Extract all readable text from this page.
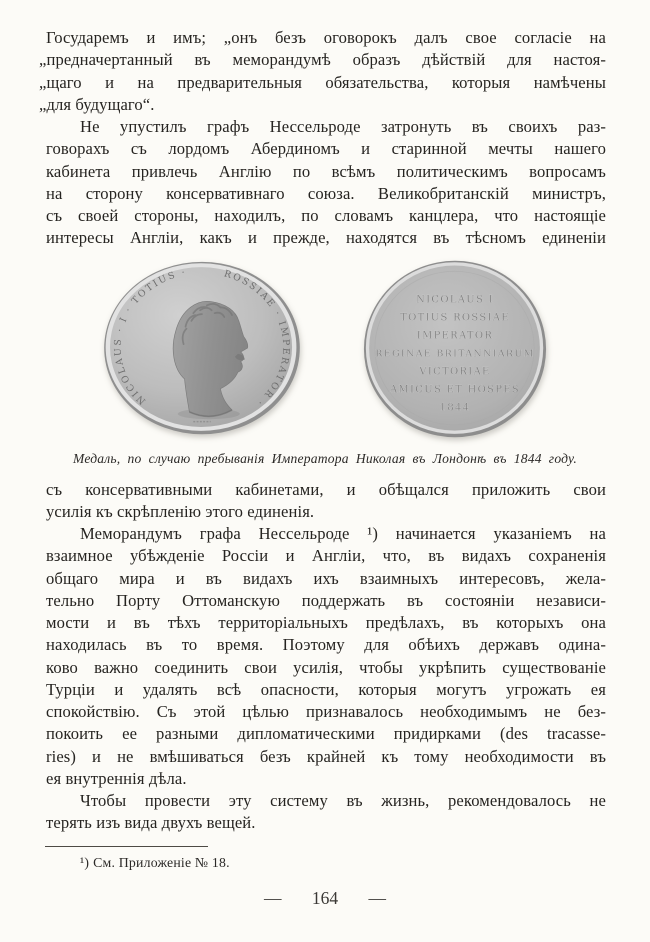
Государемъ и имъ; „онъ безъ оговорокъ далъ свое согласіе на
„предначертанный въ меморандумѣ образъ дѣйствій для настоя-
„щаго и на предварительныя обязательства, которыя намѣчены
„для будущаго“.
Не упустилъ графъ Нессельроде затронуть въ своихъ раз-
говорахъ съ лордомъ Абердиномъ и старинной мечты нашего
кабинета привлечь Англію по всѣмъ политическимъ вопросамъ
на сторону консервативнаго союза. Великобританскій министръ,
съ своей стороны, находилъ, по словамъ канцлера, что настоящіе
интересы Англіи, какъ и прежде, находятся въ тѣсномъ единеніи
NICOLAUS · I · TOTIUS ·	ROSSIAE · IMPERATOR ·
NICOLAUS I
TOTIUS ROSSIAE
IMPERATOR
REGINAE BRITANNIARUM
VICTORIAE
AMICUS ET HOSPES
1844
Медаль, по случаю пребыванія Императора Николая въ Лондонѣ въ 1844 году.
съ консервативными кабинетами, и обѣщался приложить свои
усилія къ скрѣпленію этого единенія.
Меморандумъ графа Нессельроде ¹) начинается указаніемъ на
взаимное убѣжденіе Россіи и Англіи, что, въ видахъ сохраненія
общаго мира и въ видахъ ихъ взаимныхъ интересовъ, жела-
тельно Порту Оттоманскую поддержать въ состояніи независи-
мости и въ тѣхъ территоріальныхъ предѣлахъ, въ которыхъ она
находилась въ то время. Поэтому для обѣихъ державъ одина-
ково важно соединить свои усилія, чтобы укрѣпить существованіе
Турціи и удалять всѣ опасности, которыя могутъ угрожать ея
спокойствію. Съ этой цѣлью признавалось необходимымъ не без-
покоить ее разными дипломатическими придирками (des tracasse-
ries) и не вмѣшиваться безъ крайней къ тому необходимости въ
ея внутреннія дѣла.
Чтобы провести эту систему въ жизнь, рекомендовалось не
терять изъ вида двухъ вещей.
¹) См. Приложеніе № 18.
— 164 —
